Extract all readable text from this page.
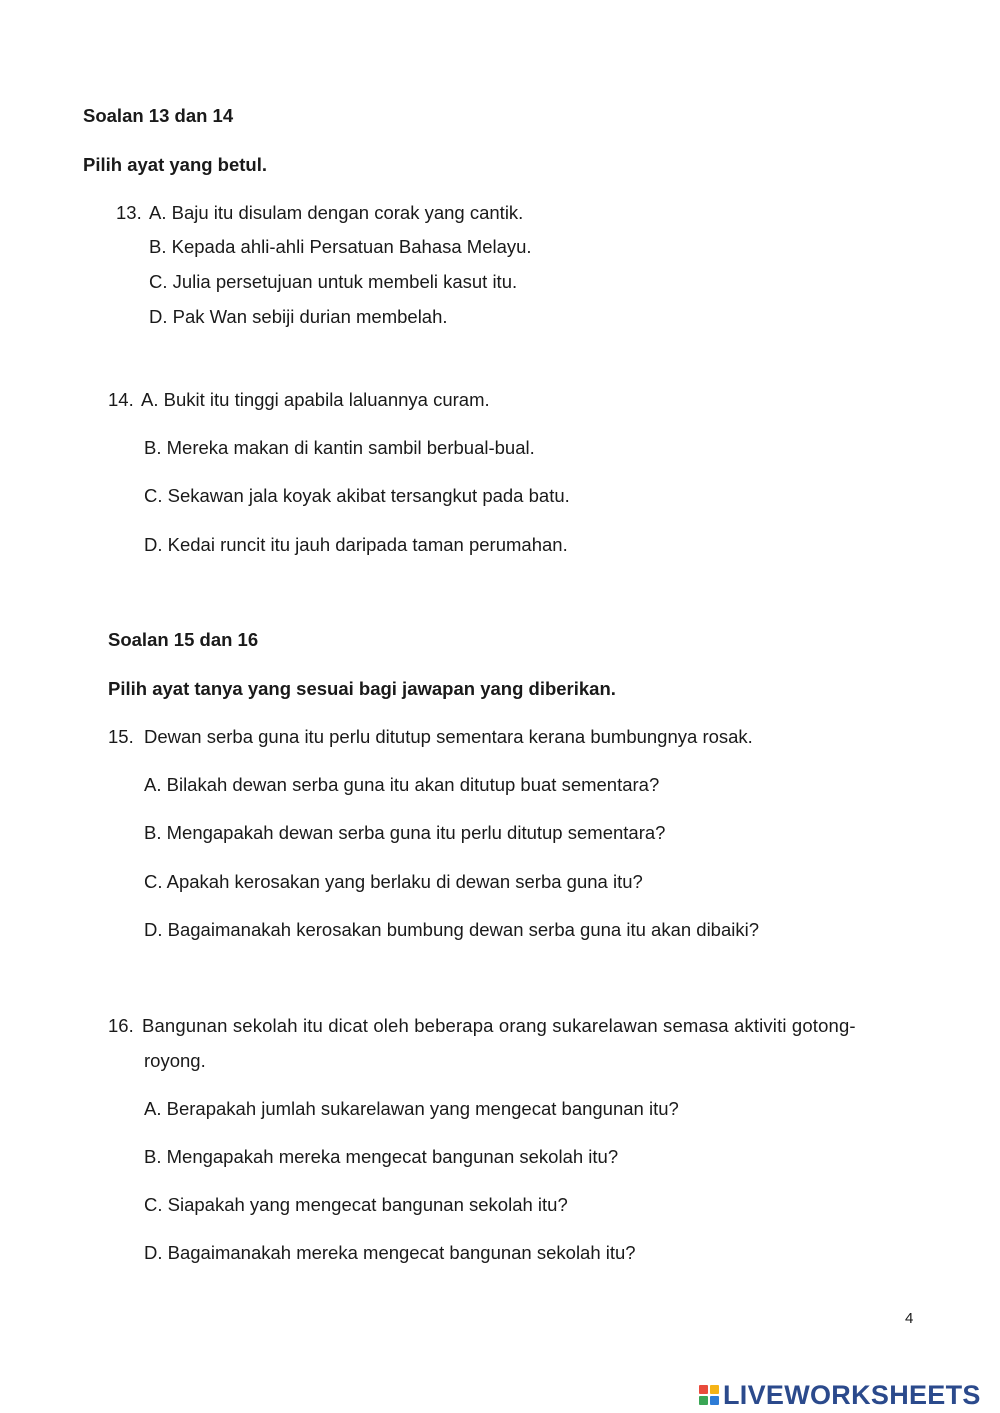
Soalan 13 dan 14
Pilih ayat yang betul.
13. A. Baju itu disulam dengan corak yang cantik.
B. Kepada ahli-ahli Persatuan Bahasa Melayu.
C. Julia persetujuan untuk membeli kasut itu.
D. Pak Wan sebiji durian membelah.
14. A. Bukit itu tinggi apabila laluannya curam.
B. Mereka makan di kantin sambil berbual-bual.
C. Sekawan jala koyak akibat tersangkut pada batu.
D. Kedai runcit itu jauh daripada taman perumahan.
Soalan 15 dan 16
Pilih ayat tanya yang sesuai bagi jawapan yang diberikan.
15. Dewan serba guna itu perlu ditutup sementara kerana bumbungnya rosak.
A. Bilakah dewan serba guna itu akan ditutup buat sementara?
B. Mengapakah dewan serba guna itu perlu ditutup sementara?
C. Apakah kerosakan yang berlaku di dewan serba guna itu?
D. Bagaimanakah kerosakan bumbung dewan serba guna itu akan dibaiki?
16. Bangunan sekolah itu dicat oleh beberapa orang sukarelawan semasa aktiviti gotong-
royong.
A. Berapakah jumlah sukarelawan yang mengecat bangunan itu?
B. Mengapakah mereka mengecat bangunan sekolah itu?
C. Siapakah yang mengecat bangunan sekolah itu?
D. Bagaimanakah mereka mengecat bangunan sekolah itu?
4
LIVEWORKSHEETS
